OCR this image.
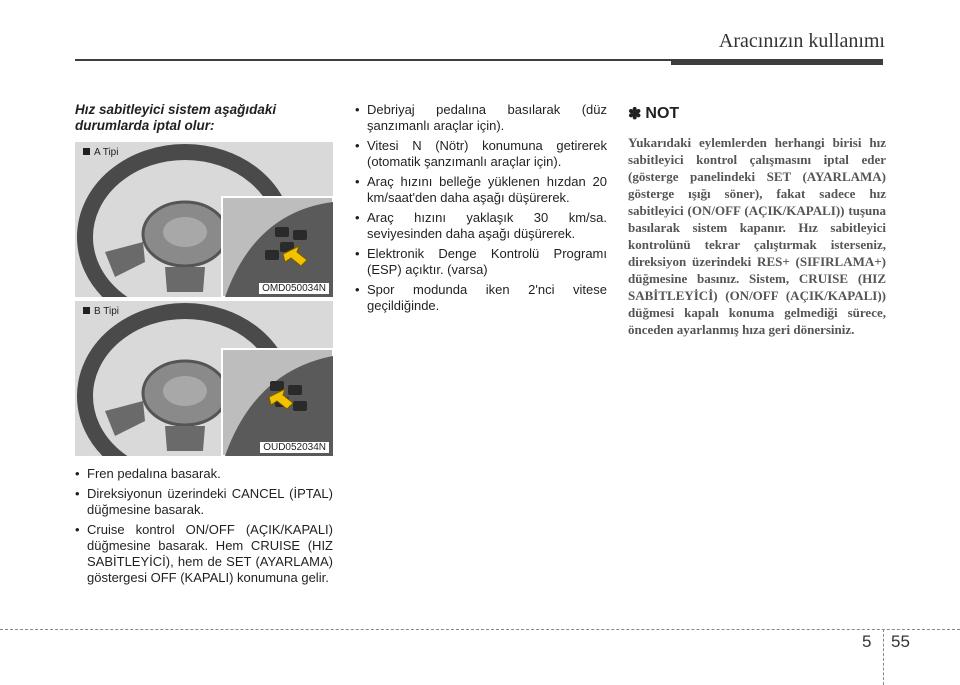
Aracınızın kullanımı

Hız sabitleyici sistem aşağıdaki durumlarda iptal olur:

A Tipi
OMD050034N
B Tipi
OUD052034N
• Fren pedalına basarak.
• Direksiyonun üzerindeki CANCEL (İPTAL) düğmesine basarak.
• Cruise kontrol ON/OFF (AÇIK/KAPALI) düğmesine basarak. Hem CRUISE (HIZ SABİTLEYİCİ), hem de SET (AYARLAMA) göstergesi OFF (KAPALI) konumuna gelir.
• Debriyaj pedalına basılarak (düz şanzımanlı araçlar için).
• Vitesi N (Nötr) konumuna getirerek (otomatik şanzımanlı araçlar için).
• Araç hızını belleğe yüklenen hızdan 20 km/saat'den daha aşağı düşürerek.
• Araç hızını yaklaşık 30 km/sa. seviyesinden daha aşağı düşürerek.
• Elektronik Denge Kontrolü Programı (ESP) açıktır. (varsa)
• Spor modunda iken 2'nci vitese geçildiğinde.
✽ NOT

Yukarıdaki eylemlerden herhangi birisi hız sabitleyici kontrol çalışmasını iptal eder (gösterge panelindeki SET (AYARLAMA) gösterge ışığı söner), fakat sadece hız sabitleyici (ON/OFF (AÇIK/KAPALI)) tuşuna basılarak sistem kapanır. Hız sabitleyici kontrolünü tekrar çalıştırmak isterseniz, direksiyon üzerindeki RES+ (SIFIRLAMA+) düğmesine basınız. Sistem, CRUISE (HIZ SABİTLEYİCİ) (ON/OFF (AÇIK/KAPALI)) düğmesi kapalı konuma gelmediği sürece, önceden ayarlanmış hıza geri dönersiniz.

5 55
